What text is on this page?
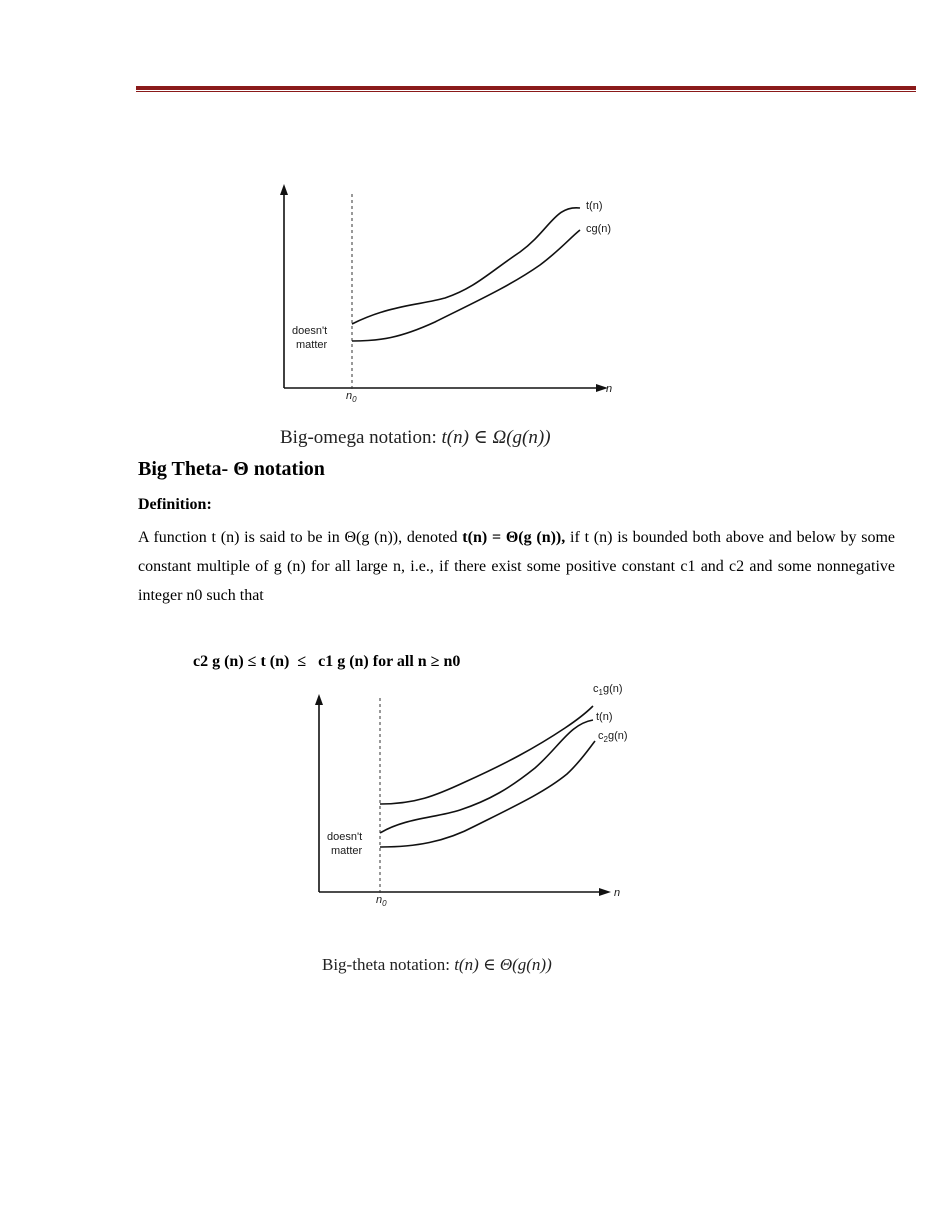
t(n)
cg(n)
doesn't
matter
n
$n_0$
Big-omega notation: t(n) ∈ Ω(g(n))
Big Theta- Θ notation
Definition:
A function t (n) is said to be in Θ(g (n)), denoted t(n) = Θ(g (n)), if t (n) is bounded both above and below by some constant multiple of g (n) for all large n, i.e., if there exist some positive constant c1 and c2 and some nonnegative integer n0 such that
c2 g (n) ≤ t (n)  ≤   c1 g (n) for all n ≥ n0
$c_1g(n)$
t(n)
$c_2g(n)$
doesn't
matter
n
$n_0$
Big-theta notation: t(n) ∈ Θ(g(n))
